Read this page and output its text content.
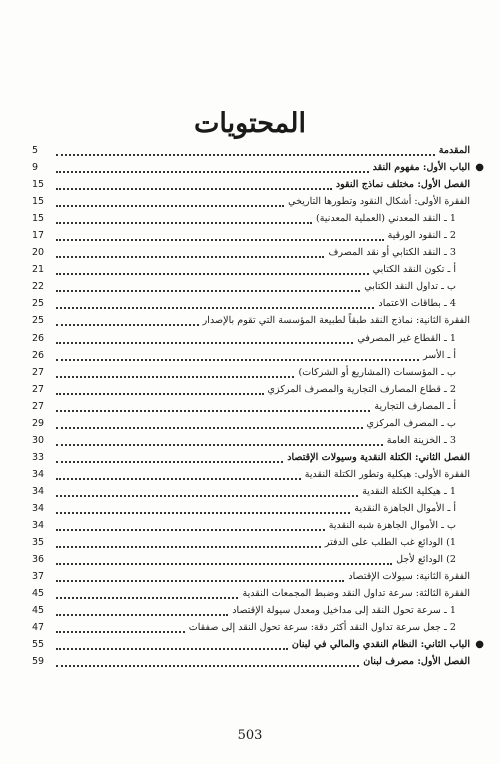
المحتويات
المقدمة
5
الباب الأول: مفهوم النقد
9	●
الفصل الأول: مختلف نماذج النقود
15
الفقرة الأولى: أشكال النقود وتطورها التاريخي
15
1 ـ النقد المعدني (العملية المعدنية)
15
2 ـ النقود الورقية
17
3 ـ النقد الكتابي أو نقد المصرف
20
أ ـ تكون النقد الكتابي
21
ب ـ تداول النقد الكتابي
22
4 ـ بطاقات الاعتماد
25
الفقرة الثانية: نماذج النقد طبقاً لطبيعة المؤسسة التي تقوم بالإصدار
25
1 ـ القطاع غير المصرفي
26
أ ـ الأسر
26
ب ـ المؤسسات (المشاريع أو الشركات)
27
2 ـ قطاع المصارف التجارية والمصرف المركزي
27
أ ـ المصارف التجارية
27
ب ـ المصرف المركزي
29
3 ـ الخزينة العامة
30
الفصل الثاني: الكتلة النقدية وسيولات الإقتصاد
33
الفقرة الأولى: هيكلية وتطور الكتلة النقدية
34
1 ـ هيكلية الكتلة النقدية
34
أ ـ الأموال الجاهزة النقدية
34
ب ـ الأموال الجاهزة شبه النقدية
34
1) الودائع غب الطلب على الدفتر
35
2) الودائع لأجل
36
الفقرة الثانية: سيولات الإقتصاد
37
الفقرة الثالثة: سرعة تداول النقد وضبط المجمعات النقدية
45
1 ـ سرعة تحول النقد إلى مداخيل ومعدل سيولة الإقتصاد
45
2 ـ جعل سرعة تداول النقد أكثر دقة: سرعة تحول النقد إلى صفقات
47
الباب الثاني: النظام النقدي والمالي في لبنان
55	●
الفصل الأول: مصرف لبنان
59
503
